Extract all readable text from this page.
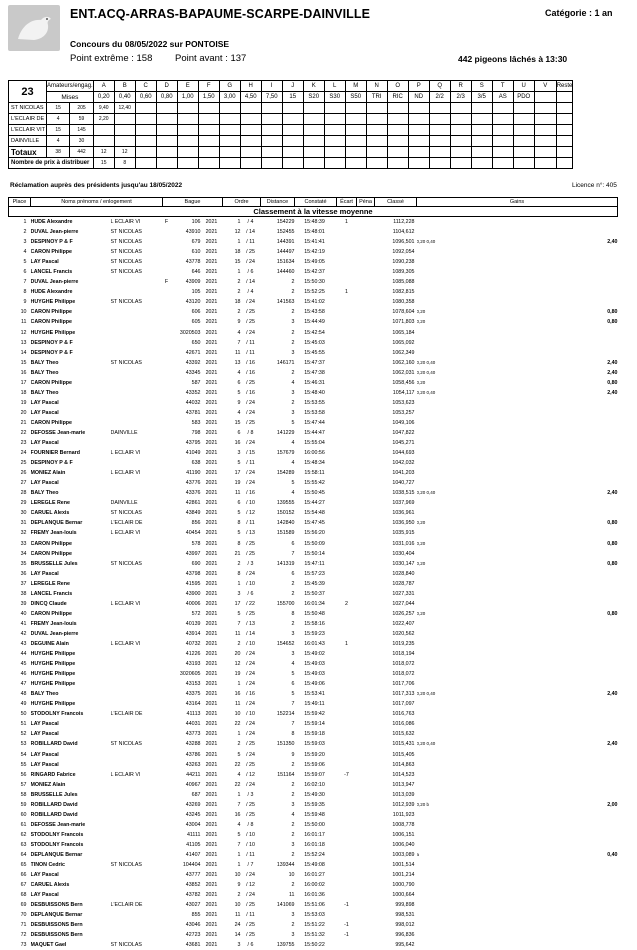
ENT.ACQ-ARRAS-BAPAUME-SCARPE-DAINVILLE	Catégorie : 1 an
Concours du 08/05/2022 sur PONTOISE
Point extrême : 158 Point avant : 137	442 pigeons lâchés à 13:30
23	Amateurs/engag.		A	B	C	D	E	F	G	H	I	J	K	L	M	N	O	P	Q	R	S	T	U	V	Reste
	Mises		0,20	0,40	0,60	0,80	1,00	1,50	3,00	4,50	7,50	15	S20	S30	S50	TRI	RIC	ND	2/2	2/3	3/5	AS	PDO		
ST NICOLAS	15	205	9,40	12,40																					
L'ECLAIR DE	4	59	2,20																						
L'ECLAIR VIT	15	145																							
DAINVILLE	4	30																							
Totaux	38	442	12	12																					
Nombre de prix à distribuer			15	8																					
Réclamation auprès des présidents jusqu'au 18/05/2022	Licence n°: 405
Place	Noms prénoms / enlogement		Bague			Ordre		Distance	Constaté	Écart	Péna	Classé	Gains		
Classement à la vitesse moyenne															
1	HUDE Alexandre	L ECLAIR VI	F	106	2021	1	/ 4	154229	15:48:39	1		1112,228			
2	DUVAL Jean-pierre	ST NICOLAS		43910	2021	12	/ 14	152455	15:48:01			1104,612			
3	DESPINOY P & F	ST NICOLAS		679	2021	1	/ 11	144391	15:41:41			1096,501	0,20 0,40		2,40
4	CARON Philippe	ST NICOLAS		610	2021	18	/ 25	144497	15:42:19			1092,054			
5	LAY Pascal	ST NICOLAS		43778	2021	15	/ 24	151634	15:49:05			1090,238			
6	LANCEL Francis	ST NICOLAS		646	2021	1	/ 6	144460	15:42:37			1089,305			
7	DUVAL Jean-pierre		F	43909	2021	2	/ 14	2	15:50:30			1085,088			
8	HUDE Alexandre			105	2021	2	/ 4	2	15:52:25	1		1082,815			
9	HUYGHE Philippe	ST NICOLAS		43120	2021	18	/ 24	141563	15:41:02			1080,358			
10	CARON Philippe			606	2021	2	/ 25	2	15:43:58			1078,604	0,20		0,80
11	CARON Philippe			605	2021	9	/ 25	3	15:44:49			1071,803	0,20		0,80
12	HUYGHE Philippe			3020503	2021	4	/ 24	2	15:42:54			1065,184			
13	DESPINOY P & F			650	2021	7	/ 11	2	15:45:03			1065,092			
14	DESPINOY P & F			42671	2021	11	/ 11	3	15:45:55			1062,349			
15	BALY Theo	ST NICOLAS		43392	2021	13	/ 16	146171	15:47:37			1062,160	0,20 0,40		2,40
16	BALY Theo			43345	2021	4	/ 16	2	15:47:38			1062,031	0,20 0,40		2,40
17	CARON Philippe			587	2021	6	/ 25	4	15:46:31			1058,456	0,20		0,80
18	BALY Theo			43352	2021	5	/ 16	3	15:48:40			1054,117	0,20 0,40		2,40
19	LAY Pascal			44032	2021	9	/ 24	2	15:53:55			1053,623			
20	LAY Pascal			43781	2021	4	/ 24	3	15:53:58			1053,257			
21	CARON Philippe			583	2021	15	/ 25	5	15:47:44			1049,106			
22	DEFOSSE Jean-marie	DAINVILLE		798	2021	6	/ 8	141229	15:44:47			1047,822			
23	LAY Pascal			43795	2021	16	/ 24	4	15:55:04			1045,271			
24	FOURNIER Bernard	L ECLAIR VI		41049	2021	3	/ 15	157679	16:00:56			1044,693			
25	DESPINOY P & F			638	2021	5	/ 11	4	15:48:34			1042,032			
26	MONIEZ Alain	L ECLAIR VI		41190	2021	17	/ 24	154289	15:58:11			1041,203			
27	LAY Pascal			43776	2021	19	/ 24	5	15:55:42			1040,727			
28	BALY Theo			43376	2021	11	/ 16	4	15:50:45			1038,515	0,20 0,40		2,40
29	LEREGLE Rene	DAINVILLE		42861	2021	6	/ 10	139555	15:44:27			1037,969			
30	CARUEL Alexis	ST NICOLAS		43849	2021	5	/ 12	150152	15:54:48			1036,961			
31	DEPLANQUE Bernar	L'ECLAIR DE		856	2021	8	/ 11	142840	15:47:45			1036,950	0,20		0,80
32	FREMY Jean-louis	L ECLAIR VI		40454	2021	5	/ 13	151589	15:56:20			1035,915			
33	CARON Philippe			578	2021	8	/ 25	6	15:50:09			1031,016	0,20		0,80
34	CARON Philippe			43997	2021	21	/ 25	7	15:50:14			1030,404			
35	BRUSSELLE Jules	ST NICOLAS		690	2021	2	/ 3	141319	15:47:11			1030,147	0,20		0,80
36	LAY Pascal			43798	2021	8	/ 24	6	15:57:23			1028,840			
37	LEREGLE Rene			41595	2021	1	/ 10	2	15:45:39			1028,787			
38	LANCEL Francis			43900	2021	3	/ 6	2	15:50:37			1027,331			
39	DINCQ Claude	L ECLAIR VI		40006	2021	17	/ 22	155700	16:01:34	2		1027,044			
40	CARON Philippe			572	2021	5	/ 25	8	15:50:48			1026,257	0,20		0,80
41	FREMY Jean-louis			40139	2021	7	/ 13	2	15:58:16			1022,407			
42	DUVAL Jean-pierre			43914	2021	11	/ 14	3	15:59:23			1020,562			
43	DEGUINE Alain	L ECLAIR VI		40732	2021	2	/ 10	154652	16:01:43	1		1019,235			
44	HUYGHE Philippe			41226	2021	20	/ 24	3	15:49:02			1018,194			
45	HUYGHE Philippe			43193	2021	12	/ 24	4	15:49:03			1018,072			
46	HUYGHE Philippe			3020605	2021	19	/ 24	5	15:49:03			1018,072			
47	HUYGHE Philippe			43153	2021	1	/ 24	6	15:49:06			1017,706			
48	BALY Theo			43375	2021	16	/ 16	5	15:53:41			1017,313	0,20 0,40		2,40
49	HUYGHE Philippe			43164	2021	11	/ 24	7	15:49:11			1017,097			
50	STODOLNY Francois	L'ECLAIR DE		41113	2021	10	/ 10	152214	15:59:42			1016,763			
51	LAY Pascal			44031	2021	22	/ 24	7	15:59:14			1016,086			
52	LAY Pascal			43773	2021	1	/ 24	8	15:59:18			1015,632			
53	ROBILLARD David	ST NICOLAS		43288	2021	2	/ 25	151350	15:59:03			1015,431	0,20 0,40		2,40
54	LAY Pascal			43786	2021	5	/ 24	9	15:59:20			1015,405			
55	LAY Pascal			43263	2021	22	/ 25	2	15:59:06			1014,863			
56	RINGARD Fabrice	L ECLAIR VI		44211	2021	4	/ 12	151164	15:59:07	-7		1014,523			
57	MONIEZ Alain			40967	2021	22	/ 24	2	16:02:10			1013,947			
58	BRUSSELLE Jules			687	2021	1	/ 3	2	15:49:30			1013,039			
59	ROBILLARD David			43269	2021	7	/ 25	3	15:59:35			1012,939	0,20 b		2,00
60	ROBILLARD David			43245	2021	16	/ 25	4	15:59:48			1011,923			
61	DEFOSSE Jean-marie			43004	2021	4	/ 8	2	15:50:00			1008,778			
62	STODOLNY Francois			41111	2021	5	/ 10	2	16:01:17			1006,151			
63	STODOLNY Francois			41105	2021	7	/ 10	3	16:01:18			1006,040			
64	DEPLANQUE Bernar			41407	2021	1	/ 11	2	15:52:24			1003,089	a		0,40
65	TINON Cedric	ST NICOLAS		104404	2021	1	/ 7	139344	15:49:08			1001,514			
66	LAY Pascal			43777	2021	10	/ 24	10	16:01:27			1001,214			
67	CARUEL Alexis			43852	2021	9	/ 12	2	16:00:02			1000,790			
68	LAY Pascal			43782	2021	2	/ 24	11	16:01:36			1000,664			
69	DESBUISSONS Bern	L'ECLAIR DE		43027	2021	10	/ 25	141069	15:51:06	-1		999,898			
70	DEPLANQUE Bernar			855	2021	11	/ 11	3	15:53:03			998,531			
71	DESBUISSONS Bern			43046	2021	24	/ 25	2	15:51:22	-1		998,012			
72	DESBUISSONS Bern			42723	2021	14	/ 25	3	15:51:32	-1		996,836			
73	MAQUET Gael	ST NICOLAS		43681	2021	3	/ 6	139755	15:50:22			995,642			
